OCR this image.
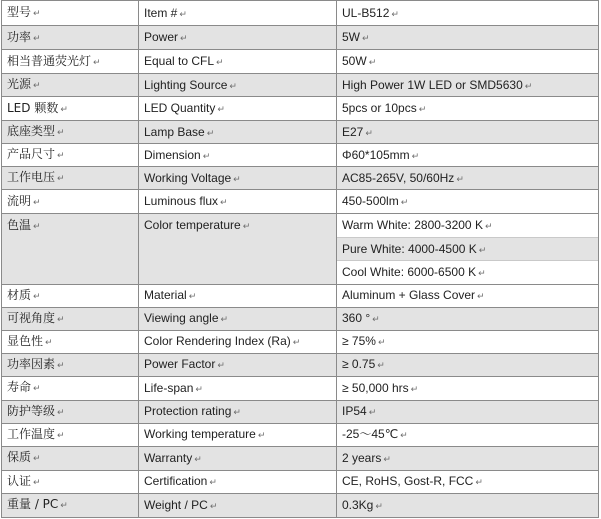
型号 ↵	Item # ↵	UL-B512 ↵
功率 ↵	Power ↵	5W ↵
相当普通荧光灯 ↵	Equal to CFL ↵	50W ↵
光源 ↵	Lighting Source ↵	High Power 1W LED or SMD5630 ↵
LED 颗数 ↵	LED Quantity ↵	5pcs or 10pcs ↵
底座类型 ↵	Lamp Base ↵	E27 ↵
产品尺寸 ↵	Dimension ↵	Φ60*105mm ↵
工作电压 ↵	Working Voltage ↵	AC85-265V, 50/60Hz ↵
流明 ↵	Luminous flux ↵	450-500lm ↵
色温 ↵	Color temperature ↵	Warm White: 2800-3200 K ↵
Pure White: 4000-4500 K ↵
Cool White: 6000-6500 K ↵

材质 ↵	Material ↵	Aluminum + Glass Cover ↵
可视角度 ↵	Viewing angle ↵	360 ° ↵
显色性 ↵	Color Rendering Index (Ra) ↵	≥ 75% ↵
功率因素 ↵	Power Factor ↵	≥ 0.75 ↵
寿命 ↵	Life-span ↵	≥ 50,000 hrs ↵
防护等级 ↵	Protection rating ↵	IP54 ↵
工作温度 ↵	Working temperature ↵	-25～45℃ ↵
保质 ↵	Warranty ↵	2 years ↵
认证 ↵	Certification ↵	CE, RoHS, Gost-R, FCC ↵
重量 / PC ↵	Weight / PC ↵	0.3Kg ↵
